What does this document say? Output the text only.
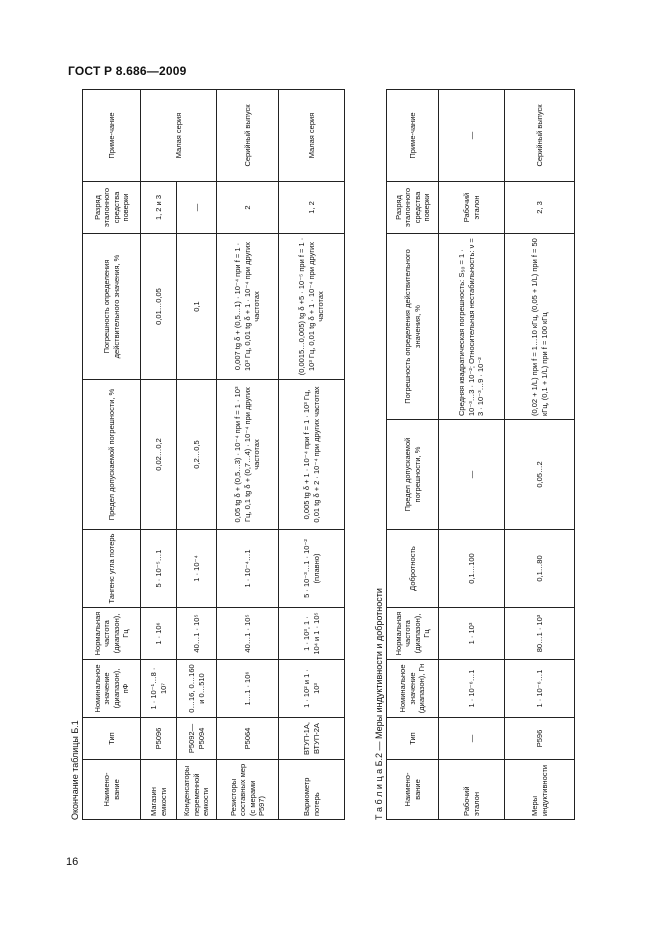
ГОСТ Р 8.686—2009
Окончание таблицы Б.1	Наимено-вание	Тип	Номинальное значение (диапазон), пФ	Нормальная частота (диапазон), Гц	Тангенс угла потерь	Предел допускаемой погрешности, %	Погрешность определения действительного значения, %	Разряд эталонного средства поверки	Приме-чание
Магазин емкости	Р5096	1 · 10⁻¹…8 · 10⁷	1 · 10⁶	5 · 10⁻⁵…1	0,02…0,2	0,01…0,05	1, 2 и 3	Малая серия
Конденсаторы переменной емкости	Р5092—Р5094	0…16, 0…160 и 0…510	40…1 · 10⁵	1 · 10⁻⁴	0,2…0,5	0,1	—	
Резисторы составных мер (с мерами Р597)	Р5064	1…1 · 10⁶	40…1 · 10⁵	1 · 10⁻⁴…1	0,05 tg δ + (0,5…3) · 10⁻⁴ при f = 1 · 10³ Гц, 0,1 tg δ + (0,7…4) · 10⁻⁴ при других частотах	0,007 tg δ + (0,5…1) · 10⁻⁴ при f = 1 · 10³ Гц, 0,01 tg δ + 1 · 10⁻⁴ при других частотах	2	Серийный выпуск
Вариометр потерь	ВТУП-1А, ВТУП-2А	1 · 10² и 1 · 10³	1 · 10³, 1 · 10⁴ и 1 · 10⁵	5 · 10⁻³…1 · 10⁻² (плавно)	0,005 tg δ + 1 · 10⁻⁴ при f = 1 · 10³ Гц, 0,01 tg δ + 2 · 10⁻⁴ при других частотах	(0,0015…0,005) tg δ +5 · 10⁻⁵ при f = 1 · 10³ Гц, 0,01 tg δ + 1 · 10⁻⁴ при других частотах	1, 2	Малая серия
Т а б л и ц а Б.2 — Меры индуктивности и добротности	Наимено-вание	Тип	Номинальное значение (диапазон), Гн	Нормальная частота (диапазон), Гц	Добротность	Предел допускаемой погрешности, %	Погрешность определения действительного значения, %	Разряд эталонного средства поверки	Приме-чание
Рабочий эталон	—	1 · 10⁻⁶…1	1 · 10³	0,1…100	—	Средняя квадратическая погрешность: S₅₀ = 1 · 10⁻³…3 · 10⁻²; Относительная нестабильность: ν = 3 · 10⁻³…9 · 10⁻²	Рабочий эталон	—
Меры индуктивности	Р596	1 · 10⁻⁶…1	80…1 · 10³	0,1…80	0,05…2	(0,02 + 1/L) при f = 1…10 кГц, (0,05 + 1/L) при f = 50 кГц, (0,1 + 1/L) при f = 100 кГц	2, 3	Серийный выпуск
16
